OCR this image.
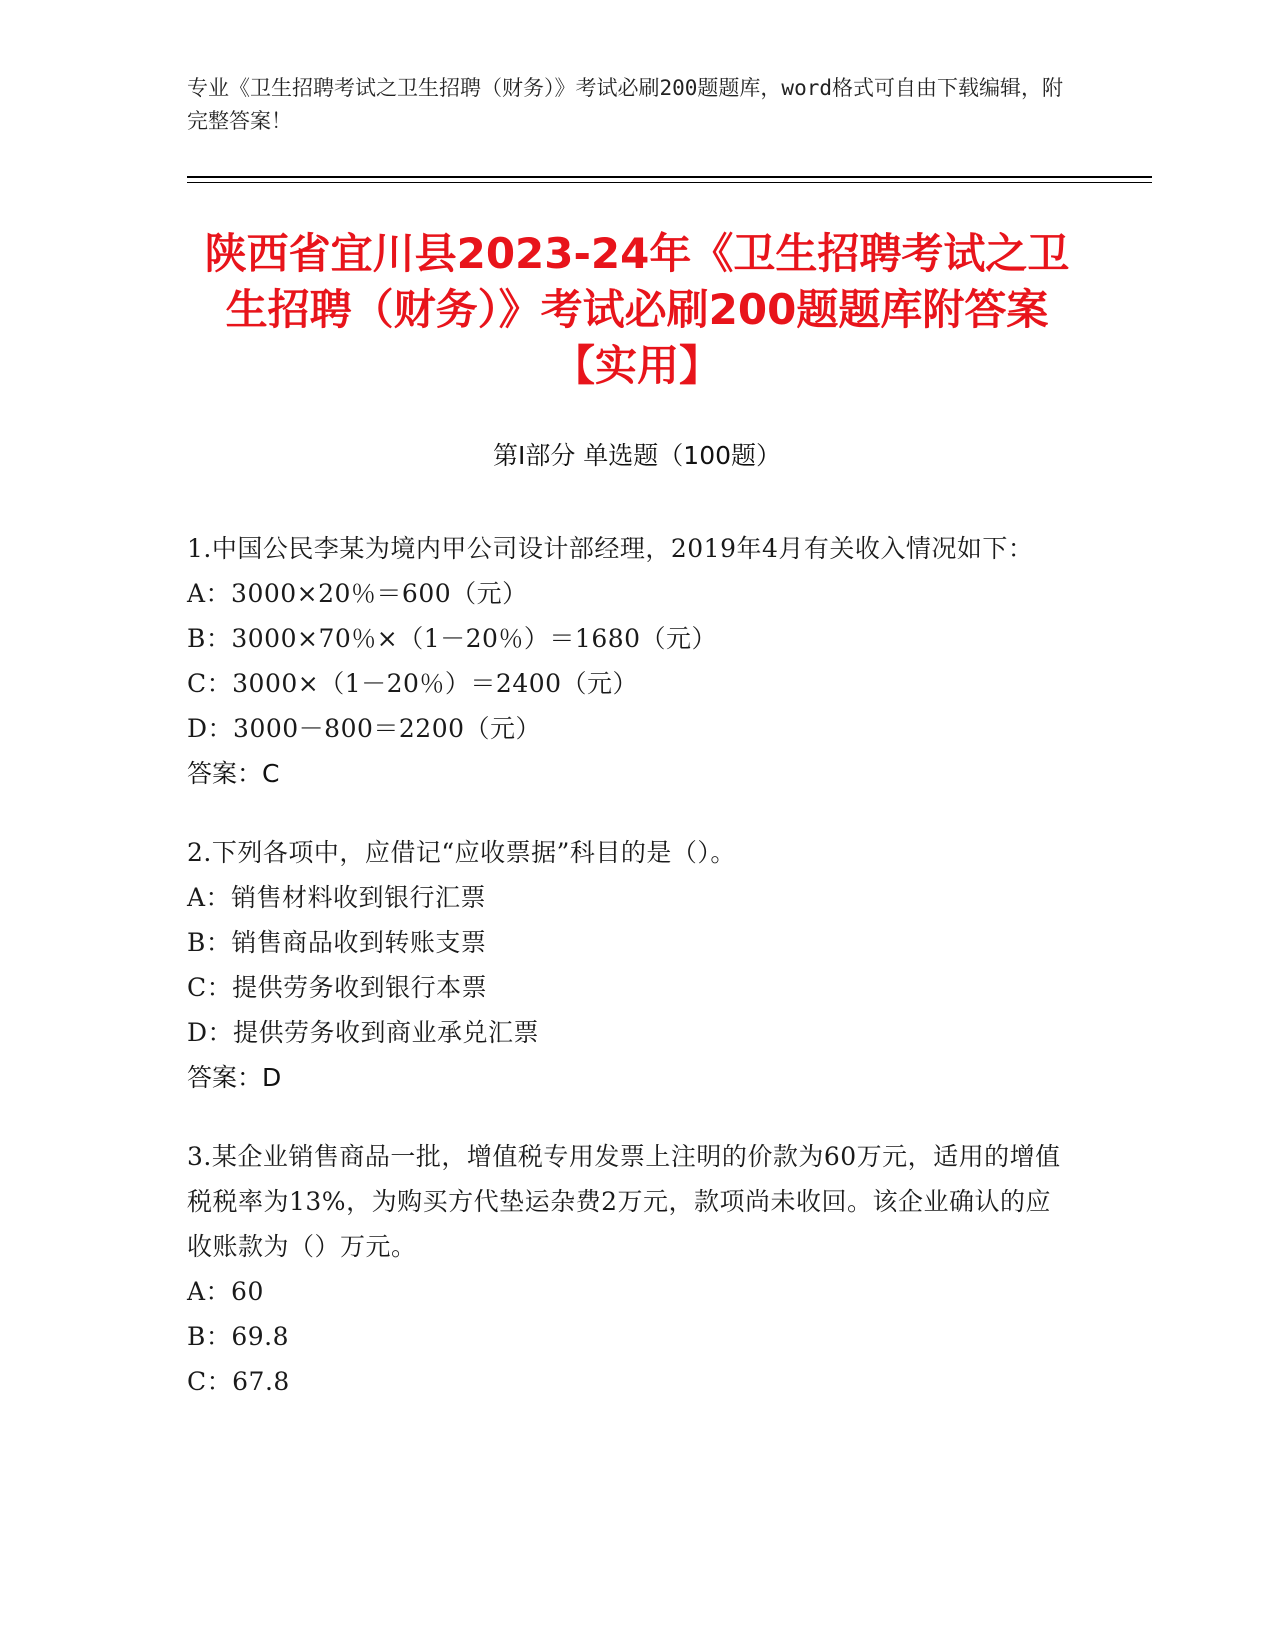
专业《卫生招聘考试之卫生招聘（财务）》考试必刷200题题库，word格式可自由下载编辑，附完整答案！
陕西省宜川县2023-24年《卫生招聘考试之卫生招聘（财务）》考试必刷200题题库附答案【实用】
第Ⅰ部分 单选题（100题）
1.中国公民李某为境内甲公司设计部经理，2019年4月有关收入情况如下：
A：3000×20％＝600（元）
B：3000×70％×（1－20％）＝1680（元）
C：3000×（1－20％）＝2400（元）
D：3000－800＝2200（元）
答案：C
2.下列各项中，应借记“应收票据”科目的是（）。
A：销售材料收到银行汇票
B：销售商品收到转账支票
C：提供劳务收到银行本票
D：提供劳务收到商业承兑汇票
答案：D
3.某企业销售商品一批，增值税专用发票上注明的价款为60万元，适用的增值税税率为13%，为购买方代垫运杂费2万元，款项尚未收回。该企业确认的应收账款为（）万元。
A：60
B：69.8
C：67.8
